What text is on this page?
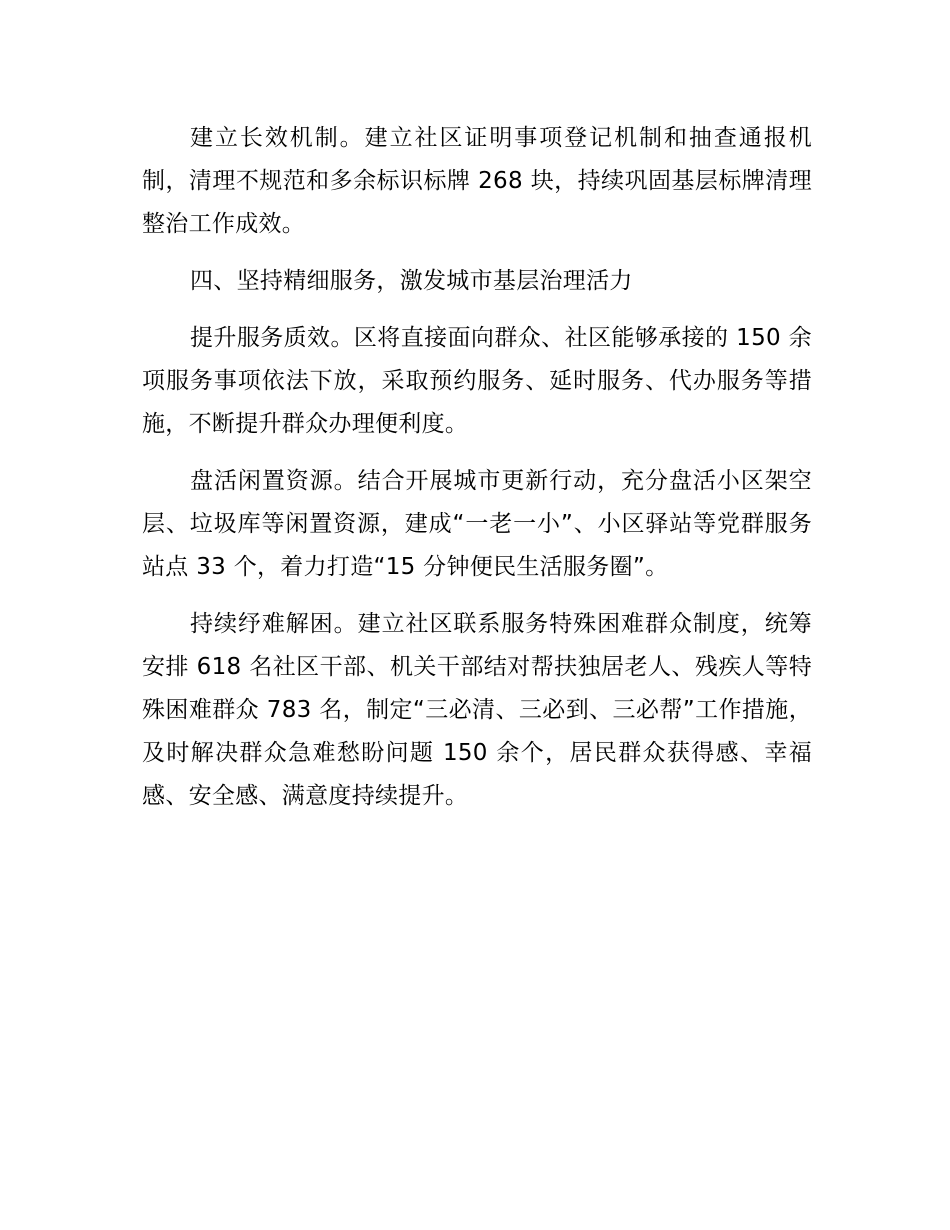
建立长效机制。建立社区证明事项登记机制和抽查通报机制，清理不规范和多余标识标牌 268 块，持续巩固基层标牌清理整治工作成效。

四、坚持精细服务，激发城市基层治理活力

提升服务质效。区将直接面向群众、社区能够承接的 150 余项服务事项依法下放，采取预约服务、延时服务、代办服务等措施，不断提升群众办理便利度。

盘活闲置资源。结合开展城市更新行动，充分盘活小区架空层、垃圾库等闲置资源，建成“一老一小”、小区驿站等党群服务站点 33 个，着力打造“15 分钟便民生活服务圈”。

持续纾难解困。建立社区联系服务特殊困难群众制度，统筹安排 618 名社区干部、机关干部结对帮扶独居老人、残疾人等特殊困难群众 783 名，制定“三必清、三必到、三必帮”工作措施，及时解决群众急难愁盼问题 150 余个，居民群众获得感、幸福感、安全感、满意度持续提升。
